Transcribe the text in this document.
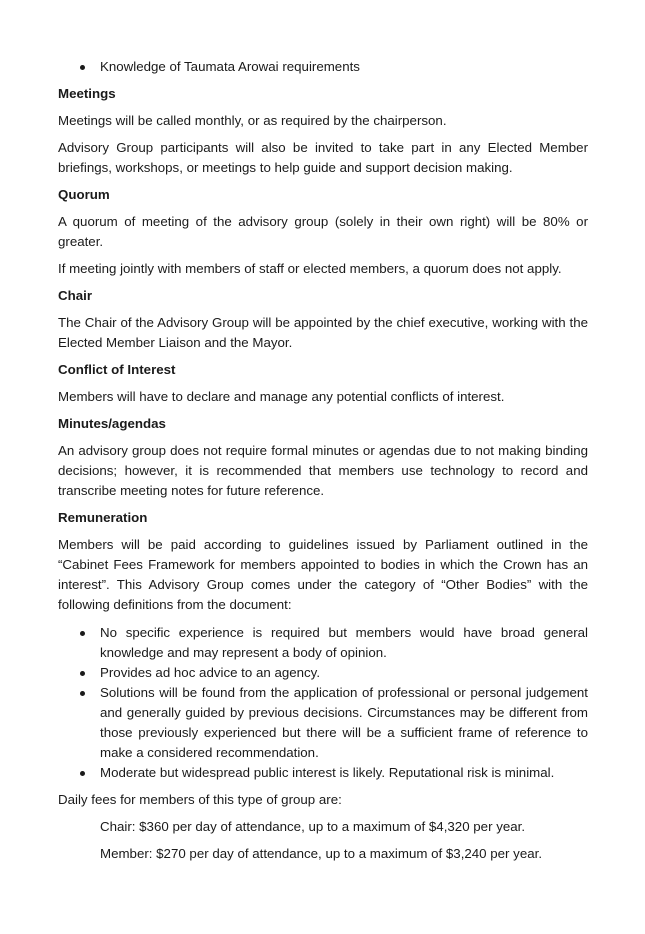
Knowledge of Taumata Arowai requirements
Meetings

Meetings will be called monthly, or as required by the chairperson.

Advisory Group participants will also be invited to take part in any Elected Member briefings, workshops, or meetings to help guide and support decision making.

Quorum

A quorum of meeting of the advisory group (solely in their own right) will be 80% or greater.

If meeting jointly with members of staff or elected members, a quorum does not apply.

Chair

The Chair of the Advisory Group will be appointed by the chief executive, working with the Elected Member Liaison and the Mayor.

Conflict of Interest

Members will have to declare and manage any potential conflicts of interest.

Minutes/agendas

An advisory group does not require formal minutes or agendas due to not making binding decisions; however, it is recommended that members use technology to record and transcribe meeting notes for future reference.

Remuneration

Members will be paid according to guidelines issued by Parliament outlined in the “Cabinet Fees Framework for members appointed to bodies in which the Crown has an interest”. This Advisory Group comes under the category of “Other Bodies” with the following definitions from the document:

No specific experience is required but members would have broad general knowledge and may represent a body of opinion.
Provides ad hoc advice to an agency.
Solutions will be found from the application of professional or personal judgement and generally guided by previous decisions. Circumstances may be different from those previously experienced but there will be a sufficient frame of reference to make a considered recommendation.
Moderate but widespread public interest is likely. Reputational risk is minimal.

Daily fees for members of this type of group are:

Chair: $360 per day of attendance, up to a maximum of $4,320 per year.

Member: $270 per day of attendance, up to a maximum of $3,240 per year.
